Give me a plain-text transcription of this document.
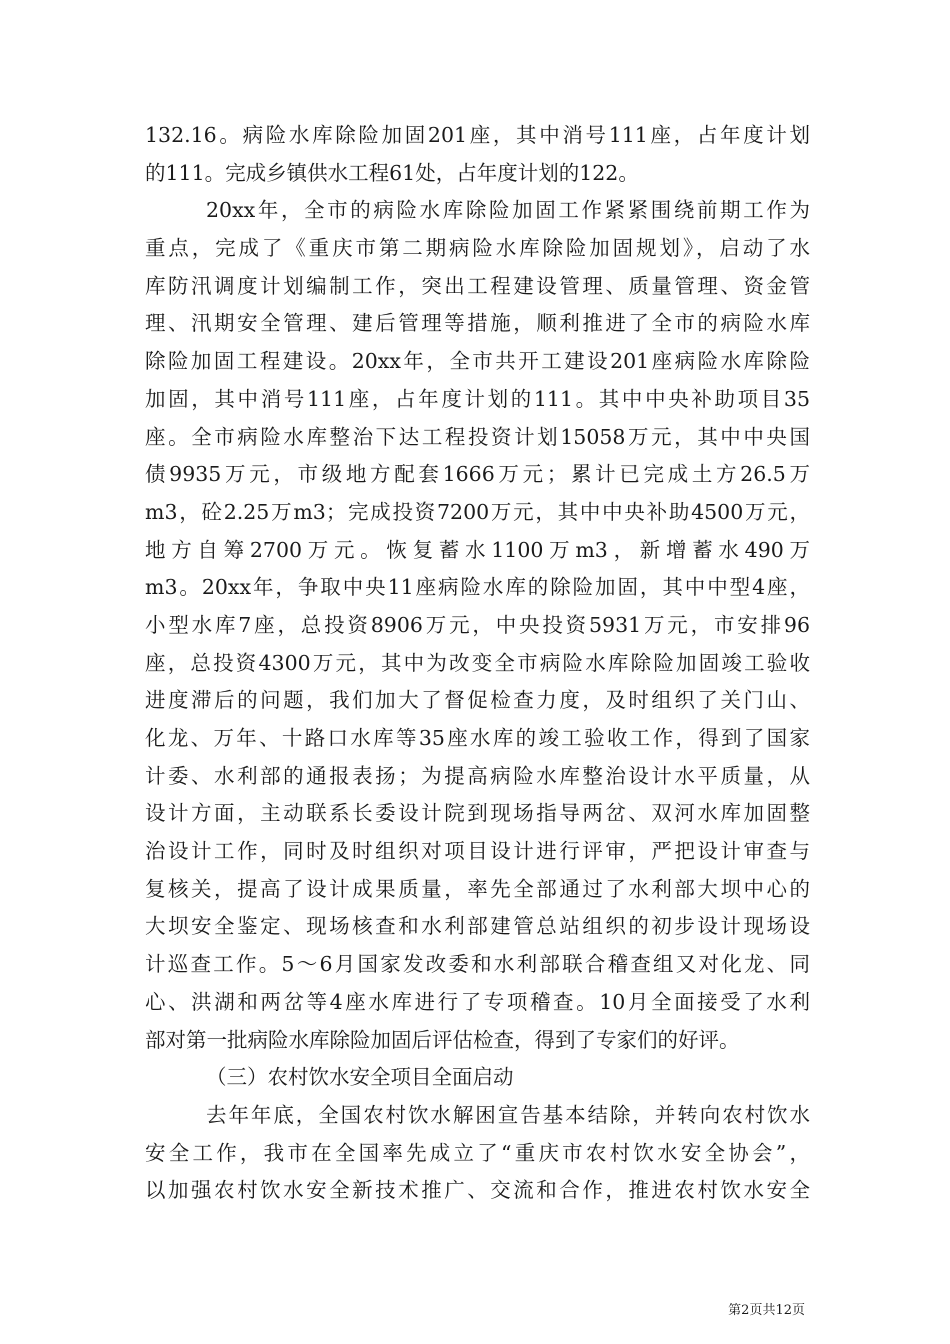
132.16。病险水库除险加固201座，其中消号111座，占年度计划
的111。完成乡镇供水工程61处，占年度计划的122。
20xx年，全市的病险水库除险加固工作紧紧围绕前期工作为
重点，完成了《重庆市第二期病险水库除险加固规划》，启动了水
库防汛调度计划编制工作，突出工程建设管理、质量管理、资金管
理、汛期安全管理、建后管理等措施，顺利推进了全市的病险水库
除险加固工程建设。20xx年，全市共开工建设201座病险水库除险
加固，其中消号111座，占年度计划的111。其中中央补助项目35
座。全市病险水库整治下达工程投资计划15058万元，其中中央国
债9935万元，市级地方配套1666万元；累计已完成土方26.5万
m3，砼2.25万m3；完成投资7200万元，其中中央补助4500万元，
地方自筹2700万元。恢复蓄水1100万m3，新增蓄水490万
m3。20xx年，争取中央11座病险水库的除险加固，其中中型4座，
小型水库7座，总投资8906万元，中央投资5931万元，市安排96
座，总投资4300万元，其中为改变全市病险水库除险加固竣工验收
进度滞后的问题，我们加大了督促检查力度，及时组织了关门山、
化龙、万年、十路口水库等35座水库的竣工验收工作，得到了国家
计委、水利部的通报表扬；为提高病险水库整治设计水平质量，从
设计方面，主动联系长委设计院到现场指导两岔、双河水库加固整
治设计工作，同时及时组织对项目设计进行评审，严把设计审查与
复核关，提高了设计成果质量，率先全部通过了水利部大坝中心的
大坝安全鉴定、现场核查和水利部建管总站组织的初步设计现场设
计巡查工作。5～6月国家发改委和水利部联合稽查组又对化龙、同
心、洪湖和两岔等4座水库进行了专项稽查。10月全面接受了水利
部对第一批病险水库除险加固后评估检查，得到了专家们的好评。
（三）农村饮水安全项目全面启动
去年年底，全国农村饮水解困宣告基本结除，并转向农村饮水
安全工作，我市在全国率先成立了“重庆市农村饮水安全协会”，
以加强农村饮水安全新技术推广、交流和合作，推进农村饮水安全
第2页共12页
